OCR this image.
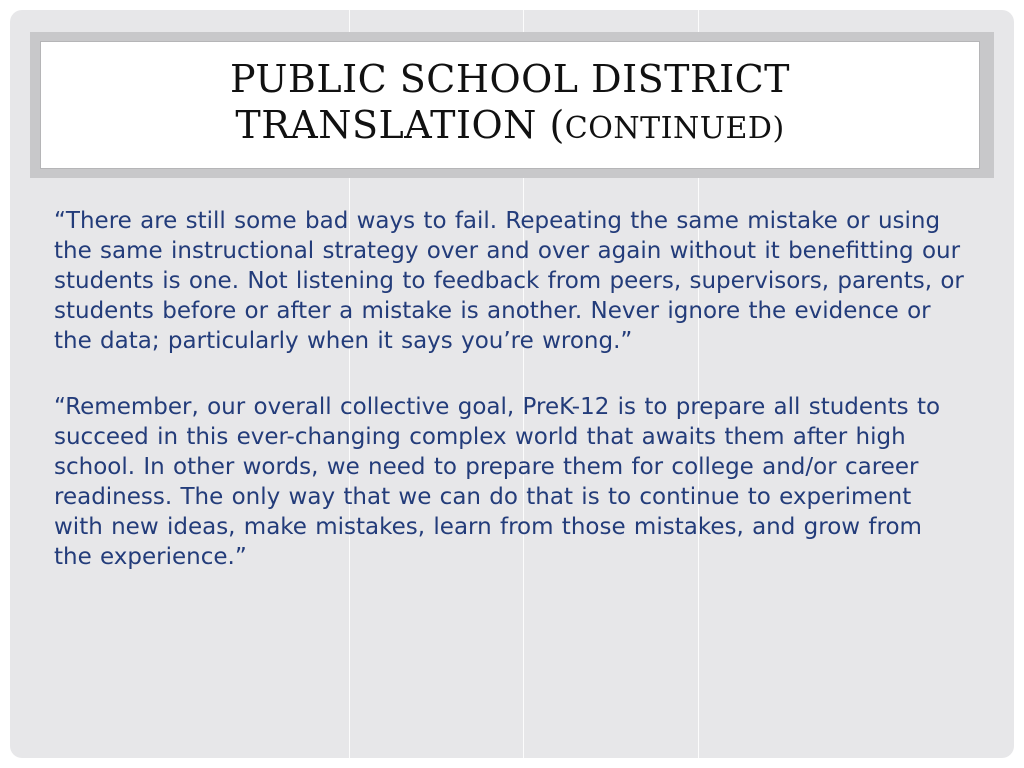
PUBLIC SCHOOL DISTRICT
TRANSLATION (CONTINUED)

“There are still some bad ways to fail. Repeating the same mistake or using the same instructional strategy over and over again without it benefitting our students is one. Not listening to feedback from peers, supervisors, parents, or students before or after a mistake is another. Never ignore the evidence or the data; particularly when it says you’re wrong.”

“Remember, our overall collective goal, PreK-12 is to prepare all students to succeed in this ever-changing complex world that awaits them after high school. In other words, we need to prepare them for college and/or career readiness. The only way that we can do that is to continue to experiment with new ideas, make mistakes, learn from those mistakes, and grow from the experience.”
